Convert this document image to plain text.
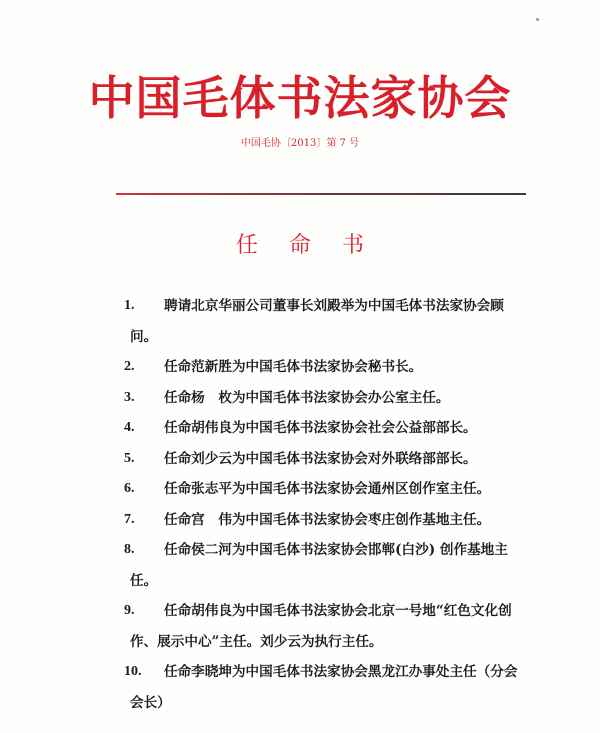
中国毛体书法家协会
中国毛协〔2013〕第 7 号
任 命 书
1.	聘请北京华丽公司董事长刘殿举为中国毛体书法家协会顾
问。
2.	任命范新胜为中国毛体书法家协会秘书长。
3.	任命杨　枚为中国毛体书法家协会办公室主任。
4.	任命胡伟良为中国毛体书法家协会社会公益部部长。
5.	任命刘少云为中国毛体书法家协会对外联络部部长。
6.	任命张志平为中国毛体书法家协会通州区创作室主任。
7.	任命宫　伟为中国毛体书法家协会枣庄创作基地主任。
8.	任命侯二河为中国毛体书法家协会邯郸(白沙) 创作基地主
任。
9.	任命胡伟良为中国毛体书法家协会北京一号地“红色文化创
作、展示中心”主任。刘少云为执行主任。
10.	任命李晓坤为中国毛体书法家协会黑龙江办事处主任（分会
会长）
